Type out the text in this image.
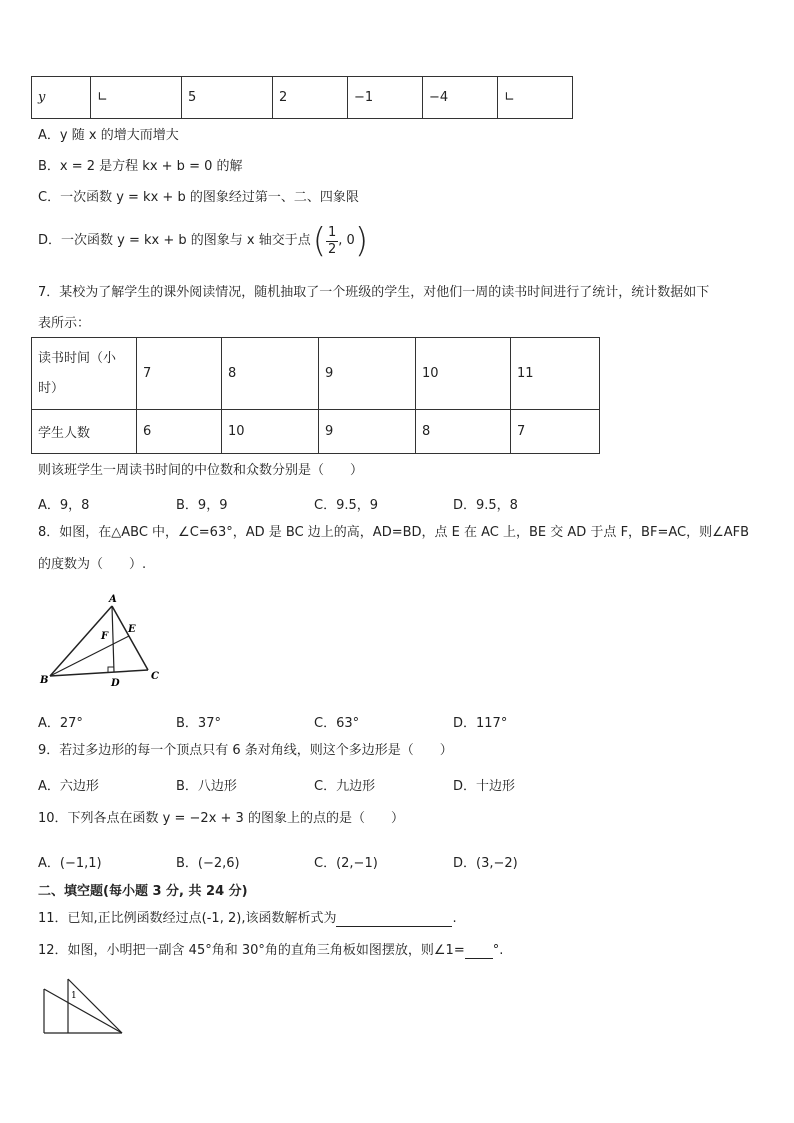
y	∟	5	2	−1	−4	∟
A．y 随 x 的增大而增大
B．x = 2 是方程 kx + b = 0 的解
C．一次函数 y = kx + b 的图象经过第一、二、四象限
D． 一次函数 y = kx + b 的图象与 x 轴交于点 ( $\frac{1}{2}$ , 0 )
7．某校为了解学生的课外阅读情况，随机抽取了一个班级的学生，对他们一周的读书时间进行了统计，统计数据如下
表所示：
读书时间（小
时）	7	8	9	10	11
学生人数	6	10	9	8	7
则该班学生一周读书时间的中位数和众数分别是（　　）
A．9，8	B．9，9	C．9.5，9	D．9.5，8
8．如图，在△ABC 中，∠C=63°，AD 是 BC 边上的高，AD=BD，点 E 在 AC 上，BE 交 AD 于点 F，BF=AC，则∠AFB
的度数为（　　）.
A
B	C
D
E
F
A．27°	B．37°	C．63°	D．117°
9．若过多边形的每一个顶点只有 6 条对角线，则这个多边形是（　　）
A．六边形	B．八边形	C．九边形	D．十边形
10．下列各点在函数 y = −2x + 3 的图象上的点的是（　　）
A．(−1,1)	B．(−2,6)	C．(2,−1)	D．(3,−2)
二、填空题(每小题 3 分, 共 24 分)
11．已知,正比例函数经过点(-1, 2),该函数解析式为	.
12．如图，小明把一副含 45°角和 30°角的直角三角板如图摆放，则∠1= °.
1
